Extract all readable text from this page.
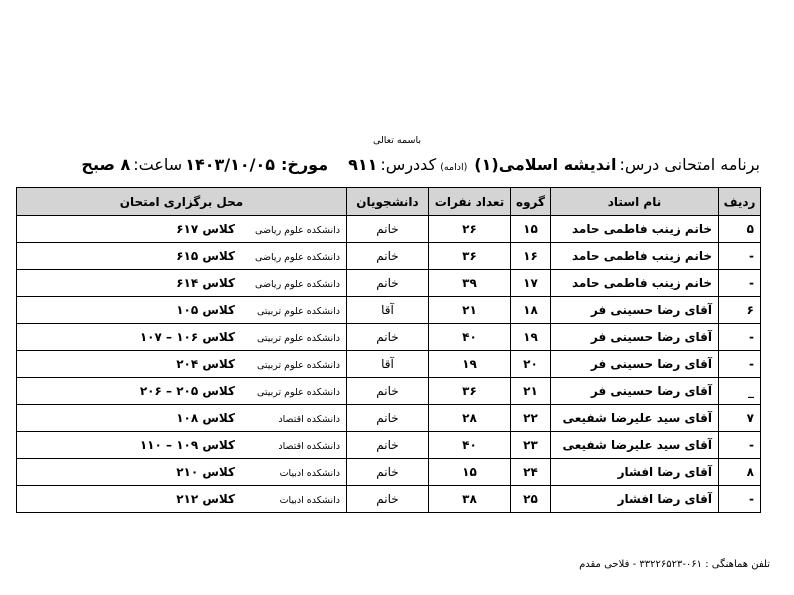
باسمه تعالی
برنامه امتحانی درس:
اندیشه اسلامی(۱)
(ادامه)
کددرس:
۹۱۱
مورخ:
۱۴۰۳/۱۰/۰۵
ساعت:
۸ صبح
ردیف	نام استاد	گروه	تعداد نفرات	دانشجویان	محل برگزاری امتحان
۵	خانم زینب فاطمی حامد	۱۵	۲۶	خانم	دانشکده علوم ریاضیکلاس ۶۱۷
-	خانم زینب فاطمی حامد	۱۶	۳۶	خانم	دانشکده علوم ریاضیکلاس ۶۱۵
-	خانم زینب فاطمی حامد	۱۷	۳۹	خانم	دانشکده علوم ریاضیکلاس ۶۱۴
۶	آقای رضا حسینی فر	۱۸	۲۱	آقا	دانشکده علوم تربیتیکلاس ۱۰۵
-	آقای رضا حسینی فر	۱۹	۴۰	خانم	دانشکده علوم تربیتیکلاس ۱۰۶ – ۱۰۷
-	آقای رضا حسینی فر	۲۰	۱۹	آقا	دانشکده علوم تربیتیکلاس ۲۰۴
_	آقای رضا حسینی فر	۲۱	۳۶	خانم	دانشکده علوم تربیتیکلاس ۲۰۵ – ۲۰۶
۷	آقای سید علیرضا شفیعی	۲۲	۲۸	خانم	دانشکده اقتصادکلاس ۱۰۸
-	آقای سید علیرضا شفیعی	۲۳	۴۰	خانم	دانشکده اقتصادکلاس ۱۰۹ – ۱۱۰
۸	آقای رضا افشار	۲۴	۱۵	خانم	دانشکده ادبیاتکلاس ۲۱۰
-	آقای رضا افشار	۲۵	۳۸	خانم	دانشکده ادبیاتکلاس ۲۱۲
تلفن هماهنگی : ۰۶۱-۳۳۲۲۶۵۲۳ - فلاحی مقدم
